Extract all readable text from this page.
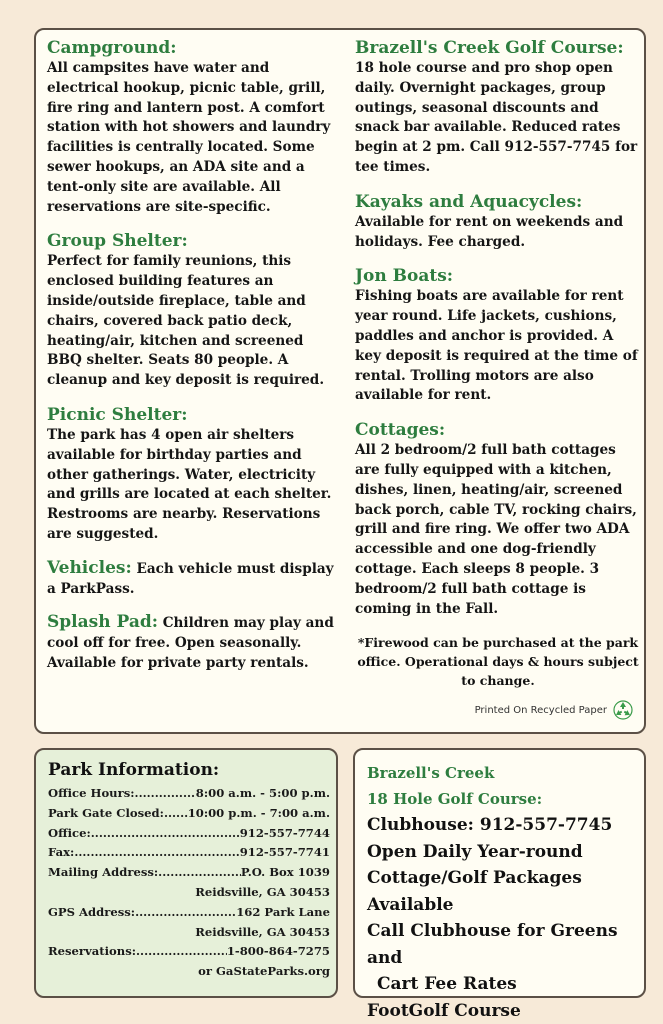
Campground:
All campsites have water and electrical hookup, picnic table, grill, fire ring and lantern post. A comfort station with hot showers and laundry facilities is centrally located. Some sewer hookups, an ADA site and a tent-only site are available. All reservations are site-specific.
Group Shelter:
Perfect for family reunions, this enclosed building features an inside/outside fireplace, table and chairs, covered back patio deck, heating/air, kitchen and screened BBQ shelter. Seats 80 people. A cleanup and key deposit is required.
Picnic Shelter:
The park has 4 open air shelters available for birthday parties and other gatherings. Water, electricity and grills are located at each shelter. Restrooms are nearby. Reservations are suggested.
Vehicles: Each vehicle must display a ParkPass.
Splash Pad: Children may play and cool off for free. Open seasonally. Available for private party rentals.
Brazell's Creek Golf Course:
18 hole course and pro shop open daily. Overnight packages, group outings, seasonal discounts and snack bar available. Reduced rates begin at 2 pm. Call 912-557-7745 for tee times.
Kayaks and Aquacycles:
Available for rent on weekends and holidays. Fee charged.
Jon Boats:
Fishing boats are available for rent year round. Life jackets, cushions, paddles and anchor is provided. A key deposit is required at the time of rental. Trolling motors are also available for rent.
Cottages:
All 2 bedroom/2 full bath cottages are fully equipped with a kitchen, dishes, linen, heating/air, screened back porch, cable TV, rocking chairs, grill and fire ring. We offer two ADA accessible and one dog-friendly cottage. Each sleeps 8 people. 3 bedroom/2 full bath cottage is coming in the Fall.
*Firewood can be purchased at the park office. Operational days & hours subject to change.
Printed On Recycled Paper
Park Information:
Office Hours: .....	8:00 a.m. - 5:00 p.m.
Park Gate Closed: ..... 10:00 p.m. - 7:00 a.m.
Office: .....	912-557-7744
Fax: .....	912-557-7741
Mailing Address: .....	P.O. Box 1039
Reidsville, GA 30453
GPS Address: .....	162 Park Lane
Reidsville, GA 30453
Reservations: .....	1-800-864-7275
or GaStateParks.org
Brazell's Creek
18 Hole Golf Course:
Clubhouse: 912-557-7745
Open Daily Year-round
Cottage/Golf Packages Available
Call Clubhouse for Greens and
Cart Fee Rates
FootGolf Course
